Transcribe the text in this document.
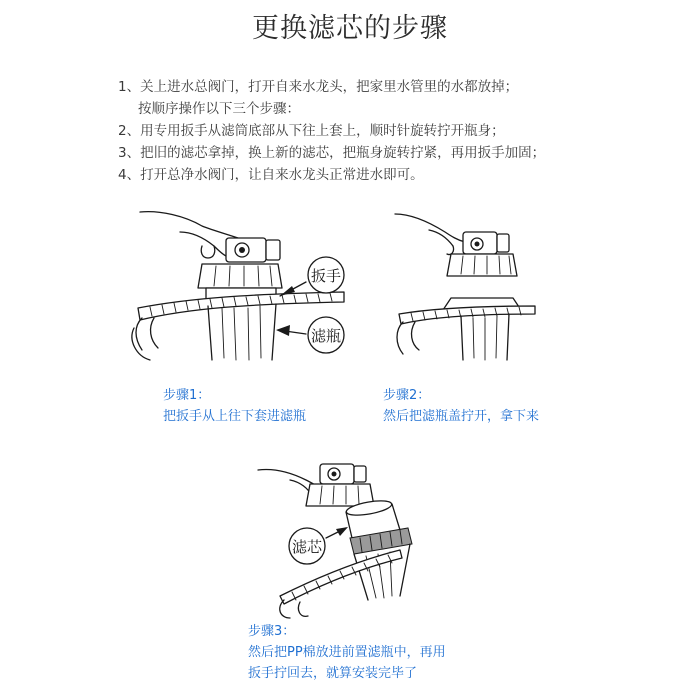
更换滤芯的步骤
1、关上进水总阀门，打开自来水龙头，把家里水管里的水都放掉；
按顺序操作以下三个步骤：
2、用专用扳手从滤筒底部从下往上套上，顺时针旋转拧开瓶身；
3、把旧的滤芯拿掉，换上新的滤芯，把瓶身旋转拧紧，再用扳手加固；
4、打开总净水阀门，让自来水龙头正常进水即可。
扳手
滤瓶
滤芯
步骤1：
把扳手从上往下套进滤瓶
步骤2：
然后把滤瓶盖拧开，拿下来
步骤3：
然后把PP棉放进前置滤瓶中，再用
扳手拧回去，就算安装完毕了
